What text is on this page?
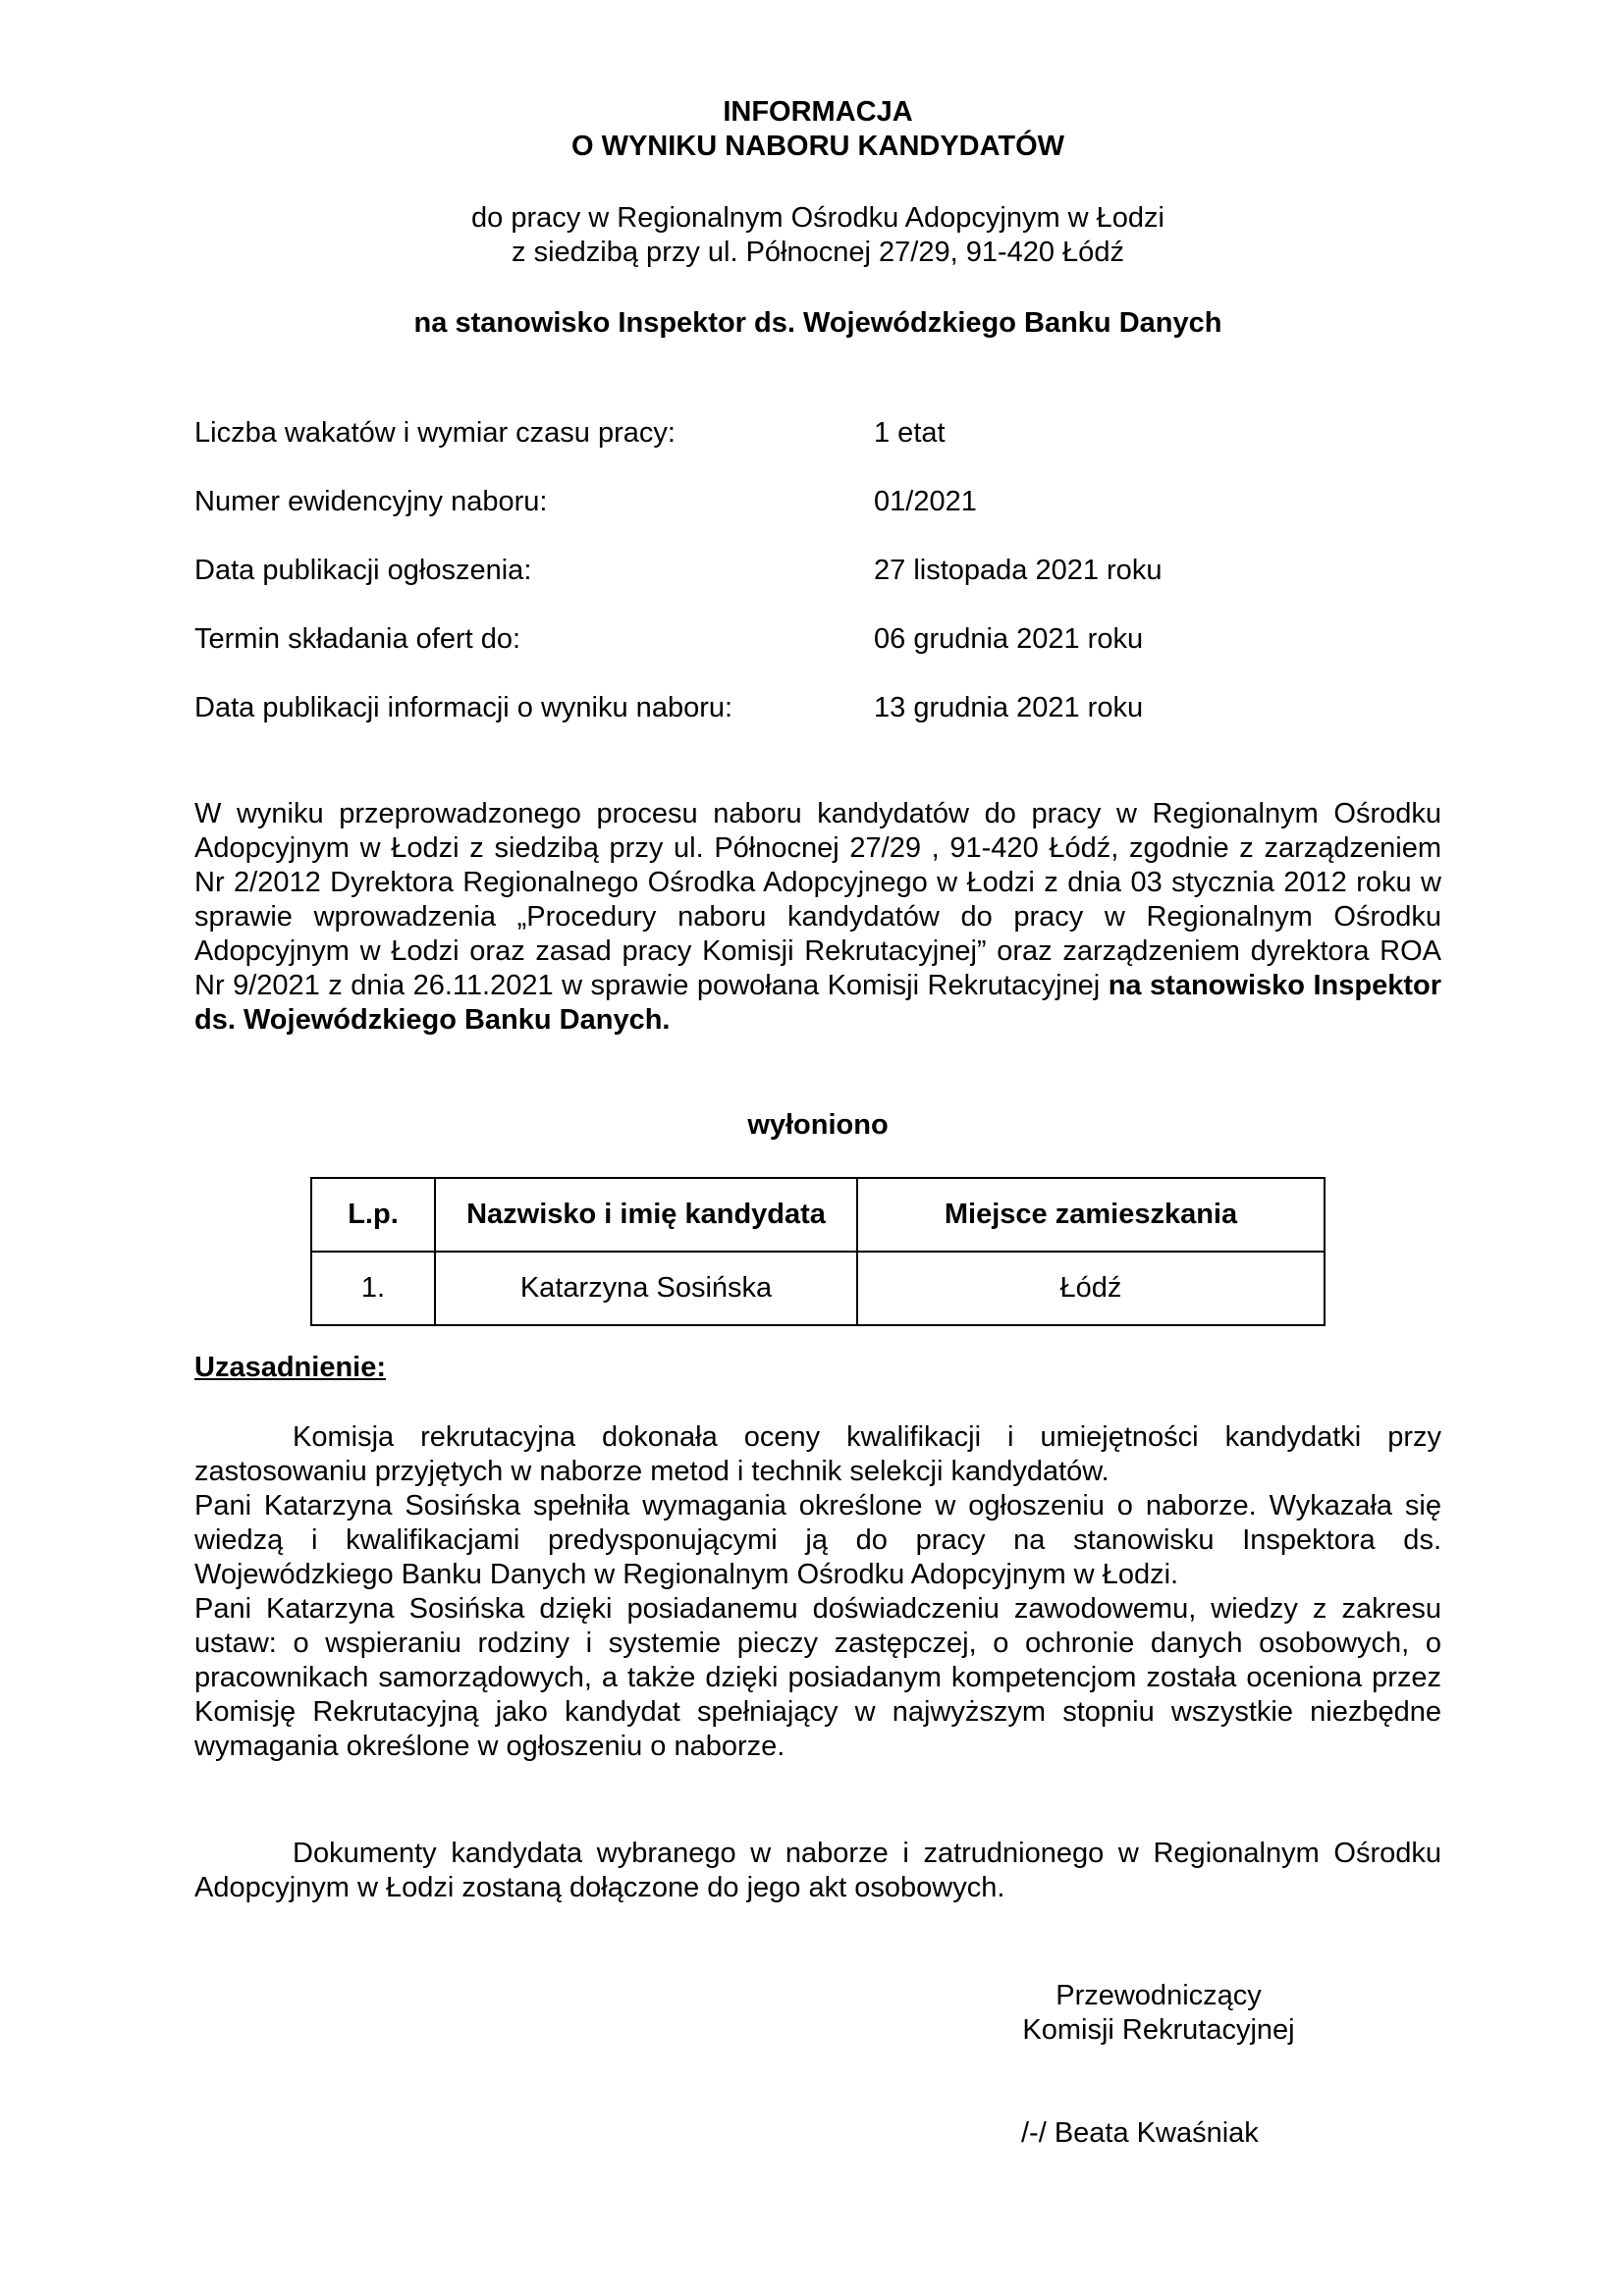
INFORMACJA
O WYNIKU NABORU KANDYDATÓW
do pracy w Regionalnym Ośrodku Adopcyjnym w Łodzi
z siedzibą przy ul. Północnej 27/29, 91-420 Łódź
na stanowisko Inspektor ds. Wojewódzkiego Banku Danych
Liczba wakatów i wymiar czasu pracy:	1 etat
Numer ewidencyjny naboru:	01/2021
Data publikacji ogłoszenia:	27 listopada 2021 roku
Termin składania ofert do:	06 grudnia 2021 roku
Data publikacji informacji o wyniku naboru:	13 grudnia 2021 roku
W wyniku przeprowadzonego procesu naboru kandydatów do pracy w Regionalnym Ośrodku Adopcyjnym w Łodzi z siedzibą przy ul. Północnej 27/29 , 91-420 Łódź, zgodnie z zarządzeniem Nr 2/2012 Dyrektora Regionalnego Ośrodka Adopcyjnego w Łodzi z dnia 03 stycznia 2012 roku w sprawie wprowadzenia „Procedury naboru kandydatów do pracy w Regionalnym Ośrodku Adopcyjnym w Łodzi oraz zasad pracy Komisji Rekrutacyjnej” oraz zarządzeniem dyrektora ROA Nr 9/2021 z dnia 26.11.2021 w sprawie powołana Komisji Rekrutacyjnej na stanowisko Inspektor ds. Wojewódzkiego Banku Danych.
wyłoniono
L.p.	Nazwisko i imię kandydata	Miejsce zamieszkania
1.	Katarzyna Sosińska	Łódź
Uzasadnienie:

Komisja rekrutacyjna dokonała oceny kwalifikacji i umiejętności kandydatki przy zastosowaniu przyjętych w naborze metod i technik selekcji kandydatów.

Pani Katarzyna Sosińska spełniła wymagania określone w ogłoszeniu o naborze. Wykazała się wiedzą i kwalifikacjami predysponującymi ją do pracy na stanowisku Inspektora ds. Wojewódzkiego Banku Danych w Regionalnym Ośrodku Adopcyjnym w Łodzi.

Pani Katarzyna Sosińska dzięki posiadanemu doświadczeniu zawodowemu, wiedzy z zakresu ustaw: o wspieraniu rodziny i systemie pieczy zastępczej, o ochronie danych osobowych, o pracownikach samorządowych, a także dzięki posiadanym kompetencjom została oceniona przez Komisję Rekrutacyjną jako kandydat spełniający w najwyższym stopniu wszystkie niezbędne wymagania określone w ogłoszeniu o naborze.

Dokumenty kandydata wybranego w naborze i zatrudnionego w Regionalnym Ośrodku Adopcyjnym w Łodzi zostaną dołączone do jego akt osobowych.
Przewodniczący
Komisji Rekrutacyjnej
/-/ Beata Kwaśniak
